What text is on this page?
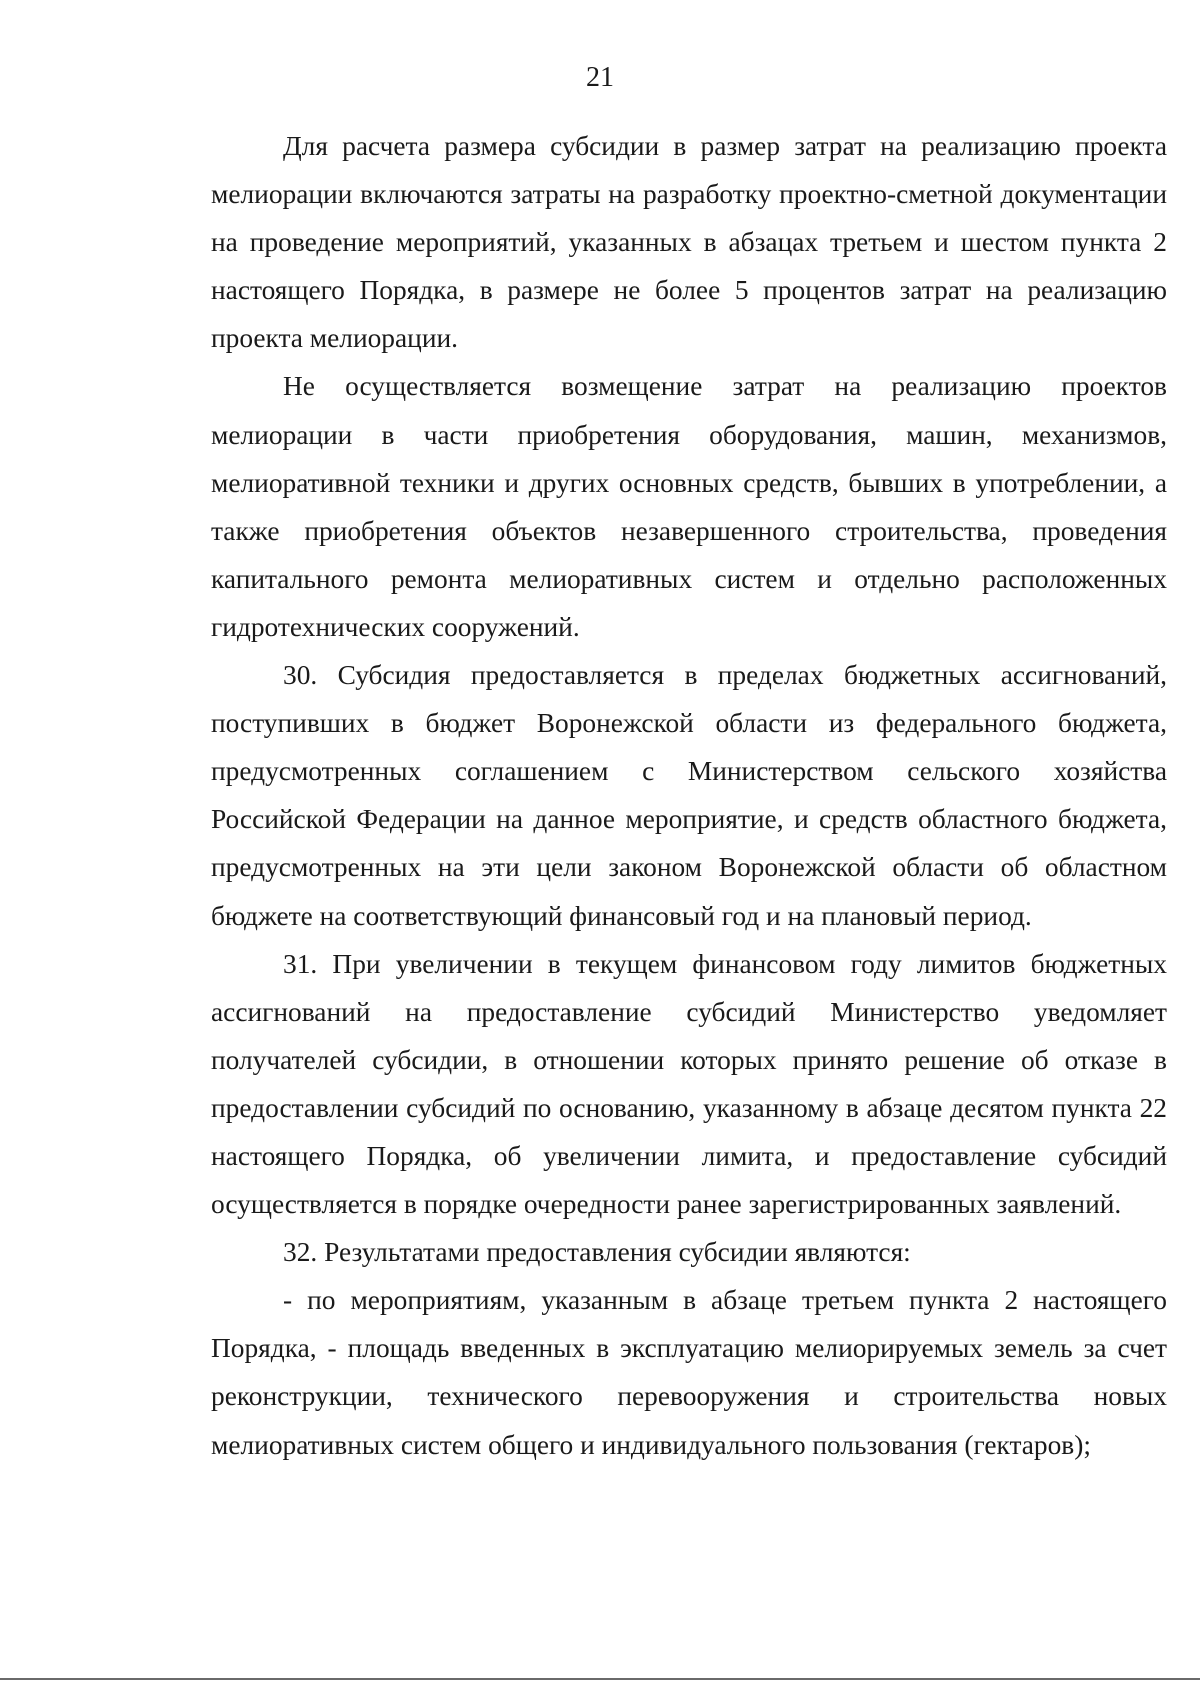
21

Для расчета размера субсидии в размер затрат на реализацию проекта мелиорации включаются затраты на разработку проектно-сметной документации на проведение мероприятий, указанных в абзацах третьем и шестом пункта 2 настоящего Порядка, в размере не более 5 процентов затрат на реализацию проекта мелиорации.

Не осуществляется возмещение затрат на реализацию проектов мелиорации в части приобретения оборудования, машин, механизмов, мелиоративной техники и других основных средств, бывших в употреблении, а также приобретения объектов незавершенного строительства, проведения капитального ремонта мелиоративных систем и отдельно расположенных гидротехнических сооружений.

30. Субсидия предоставляется в пределах бюджетных ассигнований, поступивших в бюджет Воронежской области из федерального бюджета, предусмотренных соглашением с Министерством сельского хозяйства Российской Федерации на данное мероприятие, и средств областного бюджета, предусмотренных на эти цели законом Воронежской области об областном бюджете на соответствующий финансовый год и на плановый период.

31. При увеличении в текущем финансовом году лимитов бюджетных ассигнований на предоставление субсидий Министерство уведомляет получателей субсидии, в отношении которых принято решение об отказе в предоставлении субсидий по основанию, указанному в абзаце десятом пункта 22 настоящего Порядка, об увеличении лимита, и предоставление субсидий осуществляется в порядке очередности ранее зарегистрированных заявлений.

32. Результатами предоставления субсидии являются:

- по мероприятиям, указанным в абзаце третьем пункта 2 настоящего Порядка, - площадь введенных в эксплуатацию мелиорируемых земель за счет реконструкции, технического перевооружения и строительства новых мелиоративных систем общего и индивидуального пользования (гектаров);
